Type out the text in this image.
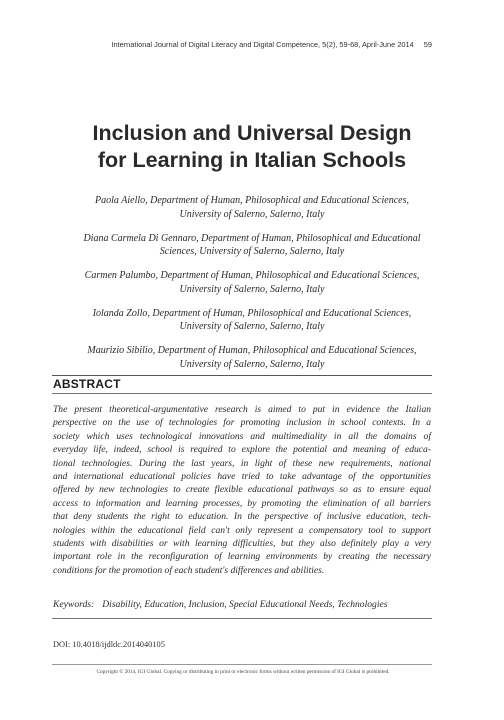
International Journal of Digital Literacy and Digital Competence, 5(2), 59-68, April-June 2014 59
Inclusion and Universal Design
for Learning in Italian Schools
Paola Aiello, Department of Human, Philosophical and Educational Sciences,
University of Salerno, Salerno, Italy
Diana Carmela Di Gennaro, Department of Human, Philosophical and Educational
Sciences, University of Salerno, Salerno, Italy
Carmen Palumbo, Department of Human, Philosophical and Educational Sciences,
University of Salerno, Salerno, Italy
Iolanda Zollo, Department of Human, Philosophical and Educational Sciences,
University of Salerno, Salerno, Italy
Maurizio Sibilio, Department of Human, Philosophical and Educational Sciences,
University of Salerno, Salerno, Italy
ABSTRACT
The present theoretical-argumentative research is aimed to put in evidence the Italian
perspective on the use of technologies for promoting inclusion in school contexts. In a
society which uses technological innovations and multimediality in all the domains of
everyday life, indeed, school is required to explore the potential and meaning of educa-
tional technologies. During the last years, in light of these new requirements, national
and international educational policies have tried to take advantage of the opportunities
offered by new technologies to create flexible educational pathways so as to ensure equal
access to information and learning processes, by promoting the elimination of all barriers
that deny students the right to education. In the perspective of inclusive education, tech-
nologies within the educational field can't only represent a compensatory tool to support
students with disabilities or with learning difficulties, but they also definitely play a very
important role in the reconfiguration of learning environments by creating the necessary
conditions for the promotion of each student's differences and abilities.
Keywords: Disability, Education, Inclusion, Special Educational Needs, Technologies
DOI: 10.4018/ijdldc.2014040105
Copyright © 2014, IGI Global. Copying or distributing in print or electronic forms without written permission of IGI Global is prohibited.
